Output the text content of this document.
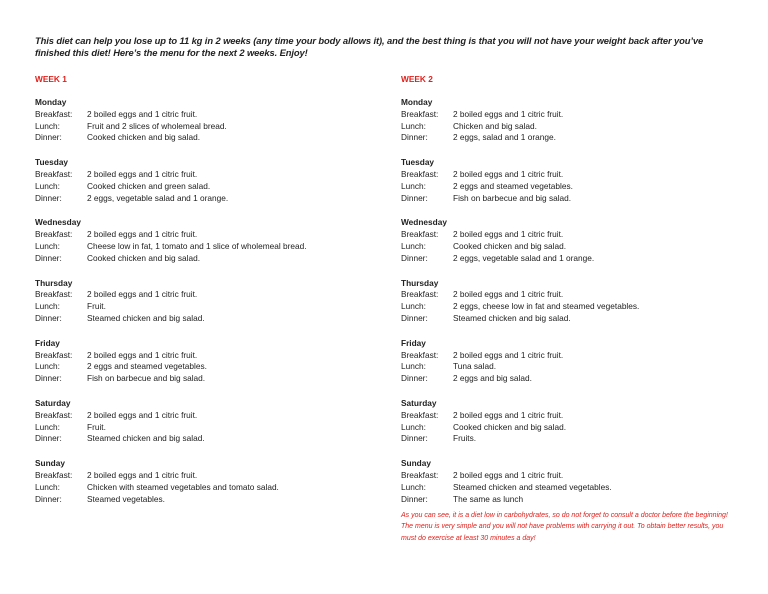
This diet can help you lose up to 11 kg in 2 weeks (any time your body allows it), and the best thing is that you will not have your weight back after you’ve finished this diet! Here’s the menu for the next 2 weeks. Enjoy!
WEEK 1
Monday
Breakfast:	2 boiled eggs and 1 citric fruit.
Lunch:	Fruit and 2 slices of wholemeal bread.
Dinner:	Cooked chicken and big salad.
Tuesday
Breakfast:	2 boiled eggs and 1 citric fruit.
Lunch:	Cooked chicken and green salad.
Dinner:	2 eggs, vegetable salad and 1 orange.
Wednesday
Breakfast:	2 boiled eggs and 1 citric fruit.
Lunch:	Cheese low in fat, 1 tomato and 1 slice of wholemeal bread.
Dinner:	Cooked chicken and big salad.
Thursday
Breakfast:	2 boiled eggs and 1 citric fruit.
Lunch:	Fruit.
Dinner:	Steamed chicken and big salad.
Friday
Breakfast:	2 boiled eggs and 1 citric fruit.
Lunch:	2 eggs and steamed vegetables.
Dinner:	Fish on barbecue and big salad.
Saturday
Breakfast:	2 boiled eggs and 1 citric fruit.
Lunch:	Fruit.
Dinner:	Steamed chicken and big salad.
Sunday
Breakfast:	2 boiled eggs and 1 citric fruit.
Lunch:	Chicken with steamed vegetables and tomato salad.
Dinner:	Steamed vegetables.
WEEK 2
Monday
Breakfast:	2 boiled eggs and 1 citric fruit.
Lunch:	Chicken and big salad.
Dinner:	2 eggs, salad and 1 orange.
Tuesday
Breakfast:	2 boiled eggs and 1 citric fruit.
Lunch:	2 eggs and steamed vegetables.
Dinner:	Fish on barbecue and big salad.
Wednesday
Breakfast:	2 boiled eggs and 1 citric fruit.
Lunch:	Cooked chicken and big salad.
Dinner:	2 eggs, vegetable salad and 1 orange.
Thursday
Breakfast:	2 boiled eggs and 1 citric fruit.
Lunch:	2 eggs, cheese low in fat and steamed vegetables.
Dinner:	Steamed chicken and big salad.
Friday
Breakfast:	2 boiled eggs and 1 citric fruit.
Lunch:	Tuna salad.
Dinner:	2 eggs and big salad.
Saturday
Breakfast:	2 boiled eggs and 1 citric fruit.
Lunch:	Cooked chicken and big salad.
Dinner:	Fruits.
Sunday
Breakfast:	2 boiled eggs and 1 citric fruit.
Lunch:	Steamed chicken and steamed vegetables.
Dinner:	The same as lunch
As you can see, it is a diet low in carbohydrates, so do not forget to consult a doctor before the beginning! The menu is very simple and you will not have problems with carrying it out. To obtain better results, you must do exercise at least 30 minutes a day!
